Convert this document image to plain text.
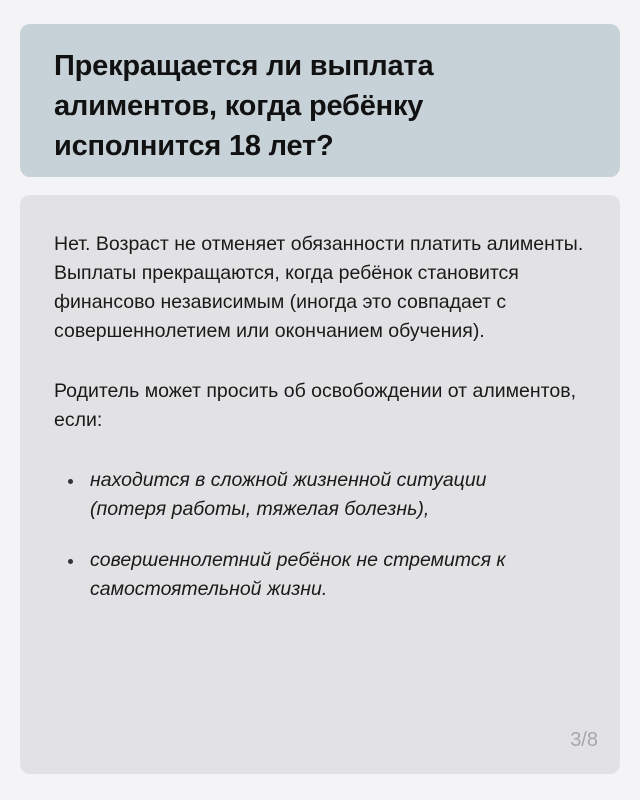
Прекращается ли выплата алиментов, когда ребёнку исполнится 18 лет?

Нет. Возраст не отменяет обязанности платить алименты. Выплаты прекращаются, когда ребёнок становится финансово независимым (иногда это совпадает с совершеннолетием или окончанием обучения).

Родитель может просить об освобождении от алиментов, если:

находится в сложной жизненной ситуации (потеря работы, тяжелая болезнь),
совершеннолетний ребёнок не стремится к самостоятельной жизни.
3/8
